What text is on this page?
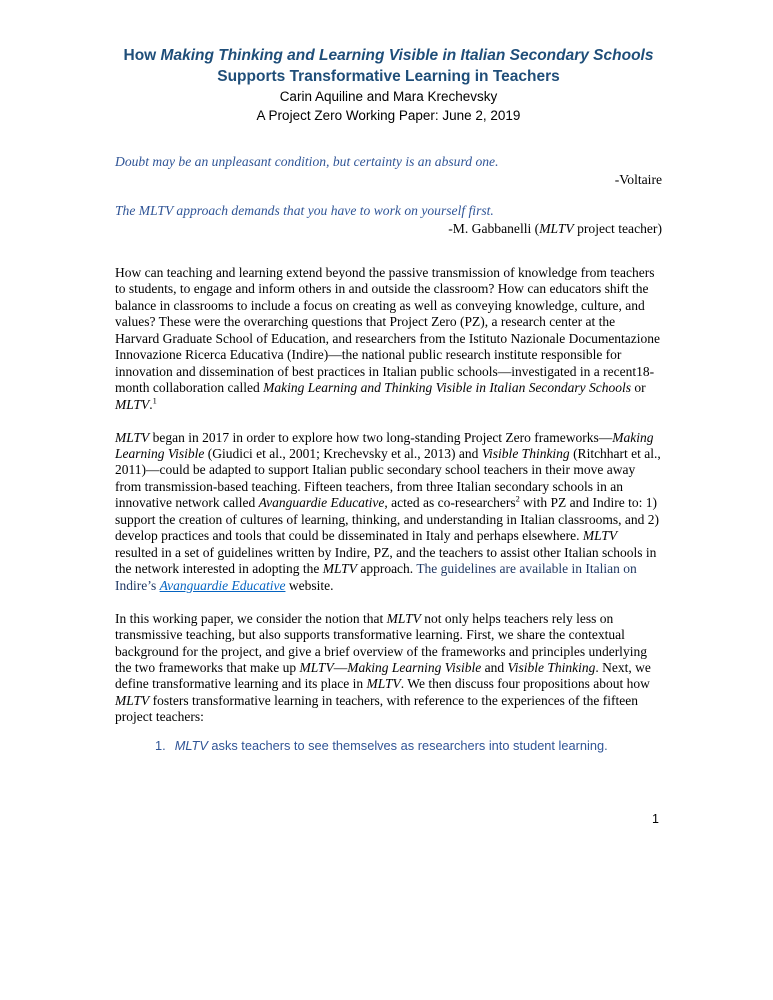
How Making Thinking and Learning Visible in Italian Secondary Schools
Supports Transformative Learning in Teachers

Carin Aquiline and Mara Krechevsky

A Project Zero Working Paper: June 2, 2019

Doubt may be an unpleasant condition, but certainty is an absurd one.

-Voltaire

The MLTV approach demands that you have to work on yourself first.

-M. Gabbanelli (MLTV project teacher)

How can teaching and learning extend beyond the passive transmission of knowledge from teachers to students, to engage and inform others in and outside the classroom? How can educators shift the balance in classrooms to include a focus on creating as well as conveying knowledge, culture, and values? These were the overarching questions that Project Zero (PZ), a research center at the Harvard Graduate School of Education, and researchers from the Istituto Nazionale Documentazione Innovazione Ricerca Educativa (Indire)—the national public research institute responsible for innovation and dissemination of best practices in Italian public schools—investigated in a recent18-month collaboration called Making Learning and Thinking Visible in Italian Secondary Schools or MLTV.$^1$

MLTV began in 2017 in order to explore how two long-standing Project Zero frameworks—Making Learning Visible (Giudici et al., 2001; Krechevsky et al., 2013) and Visible Thinking (Ritchhart et al., 2011)—could be adapted to support Italian public secondary school teachers in their move away from transmission-based teaching. Fifteen teachers, from three Italian secondary schools in an innovative network called Avanguardie Educative, acted as co-researchers$^2$ with PZ and Indire to: 1) support the creation of cultures of learning, thinking, and understanding in Italian classrooms, and 2) develop practices and tools that could be disseminated in Italy and perhaps elsewhere. MLTV resulted in a set of guidelines written by Indire, PZ, and the teachers to assist other Italian schools in the network interested in adopting the MLTV approach. The guidelines are available in Italian on Indire’s Avanguardie Educative website.

In this working paper, we consider the notion that MLTV not only helps teachers rely less on transmissive teaching, but also supports transformative learning. First, we share the contextual background for the project, and give a brief overview of the frameworks and principles underlying the two frameworks that make up MLTV—Making Learning Visible and Visible Thinking. Next, we define transformative learning and its place in MLTV. We then discuss four propositions about how MLTV fosters transformative learning in teachers, with reference to the experiences of the fifteen project teachers:

1. MLTV asks teachers to see themselves as researchers into student learning.
1
